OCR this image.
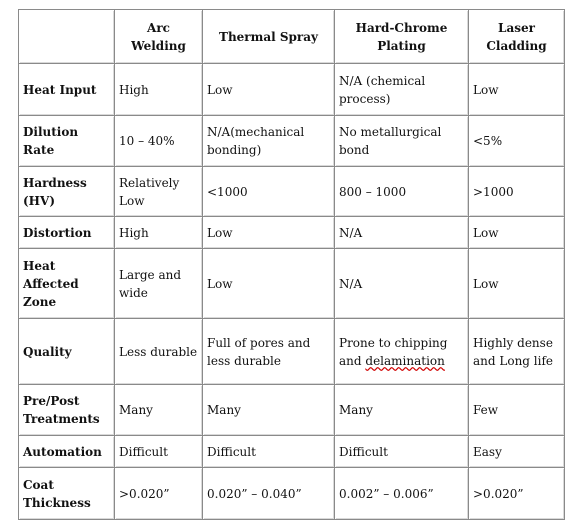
	Arc Welding	Thermal Spray	Hard-Chrome Plating	Laser Cladding
Heat Input	High	Low	N/A (chemical process)	Low
Dilution Rate	10 – 40%	N/A(mechanical bonding)	No metallurgical bond	<5%
Hardness (HV)	Relatively Low	<1000	800 – 1000	>1000
Distortion	High	Low	N/A	Low
Heat Affected Zone	Large and wide	Low	N/A	Low
Quality	Less durable	Full of pores and less durable	Prone to chipping and delamination	Highly dense and Long life
Pre/Post Treatments	Many	Many	Many	Few
Automation	Difficult	Difficult	Difficult	Easy
Coat Thickness	>0.020”	0.020” – 0.040”	0.002” – 0.006”	>0.020”
